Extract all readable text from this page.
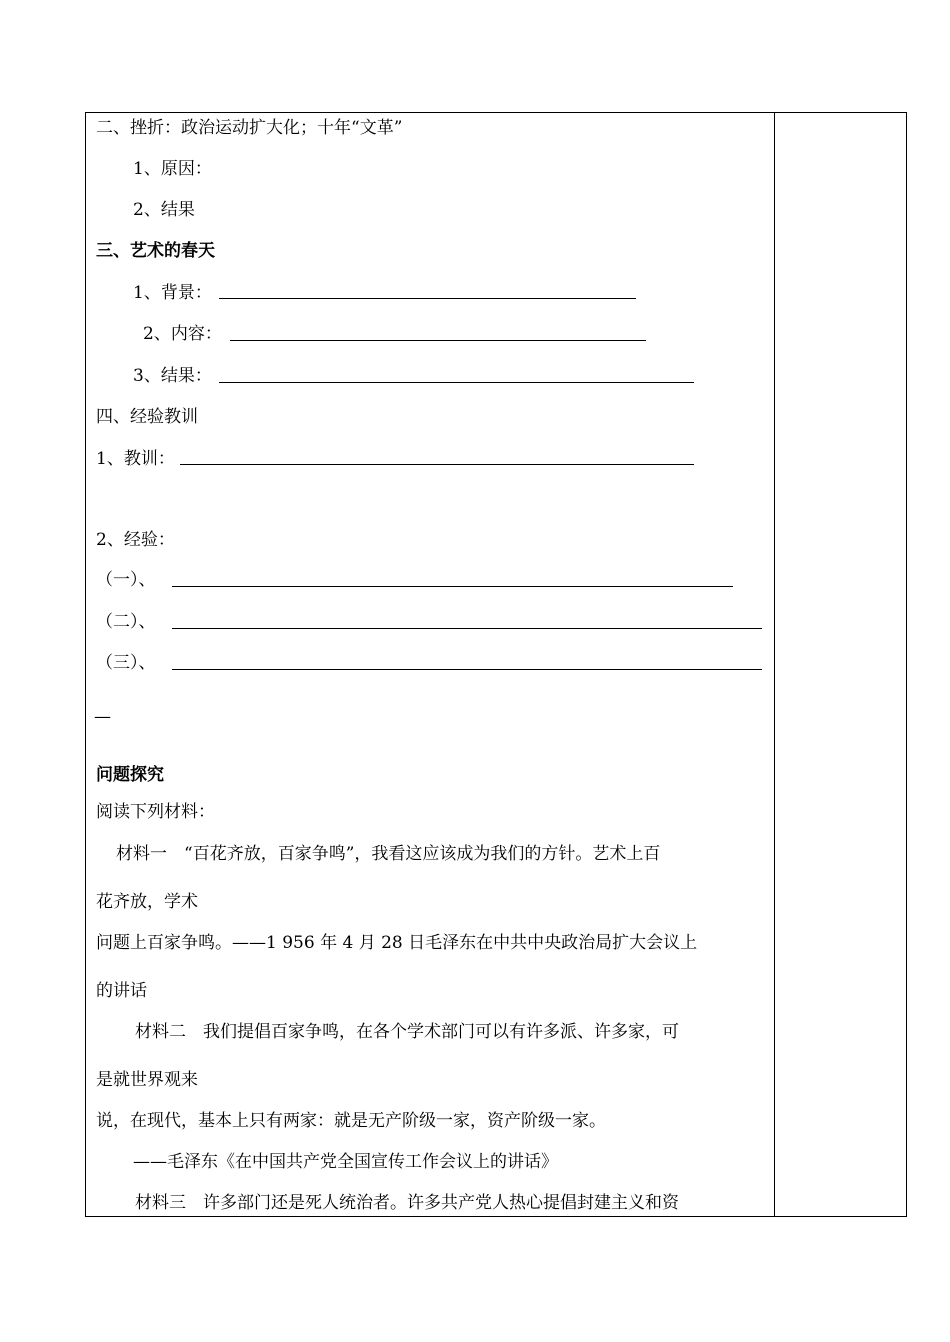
二、挫折：政治运动扩大化；十年“文革”
1、原因：
2、结果
三、艺术的春天
1、背景：
2、内容：
3、结果：
四、经验教训
1、教训：
2、经验：
（一）、
（二）、
（三）、
—
问题探究
阅读下列材料：
材料一　“百花齐放，百家争鸣”，我看这应该成为我们的方针。艺术上百
花齐放，学术
问题上百家争鸣。——1 956 年 4 月 28 日毛泽东在中共中央政治局扩大会议上
的讲话
材料二　我们提倡百家争鸣，在各个学术部门可以有许多派、许多家，可
是就世界观来
说，在现代，基本上只有两家：就是无产阶级一家，资产阶级一家。
——毛泽东《在中国共产党全国宣传工作会议上的讲话》
材料三　许多部门还是死人统治者。许多共产党人热心提倡封建主义和资
